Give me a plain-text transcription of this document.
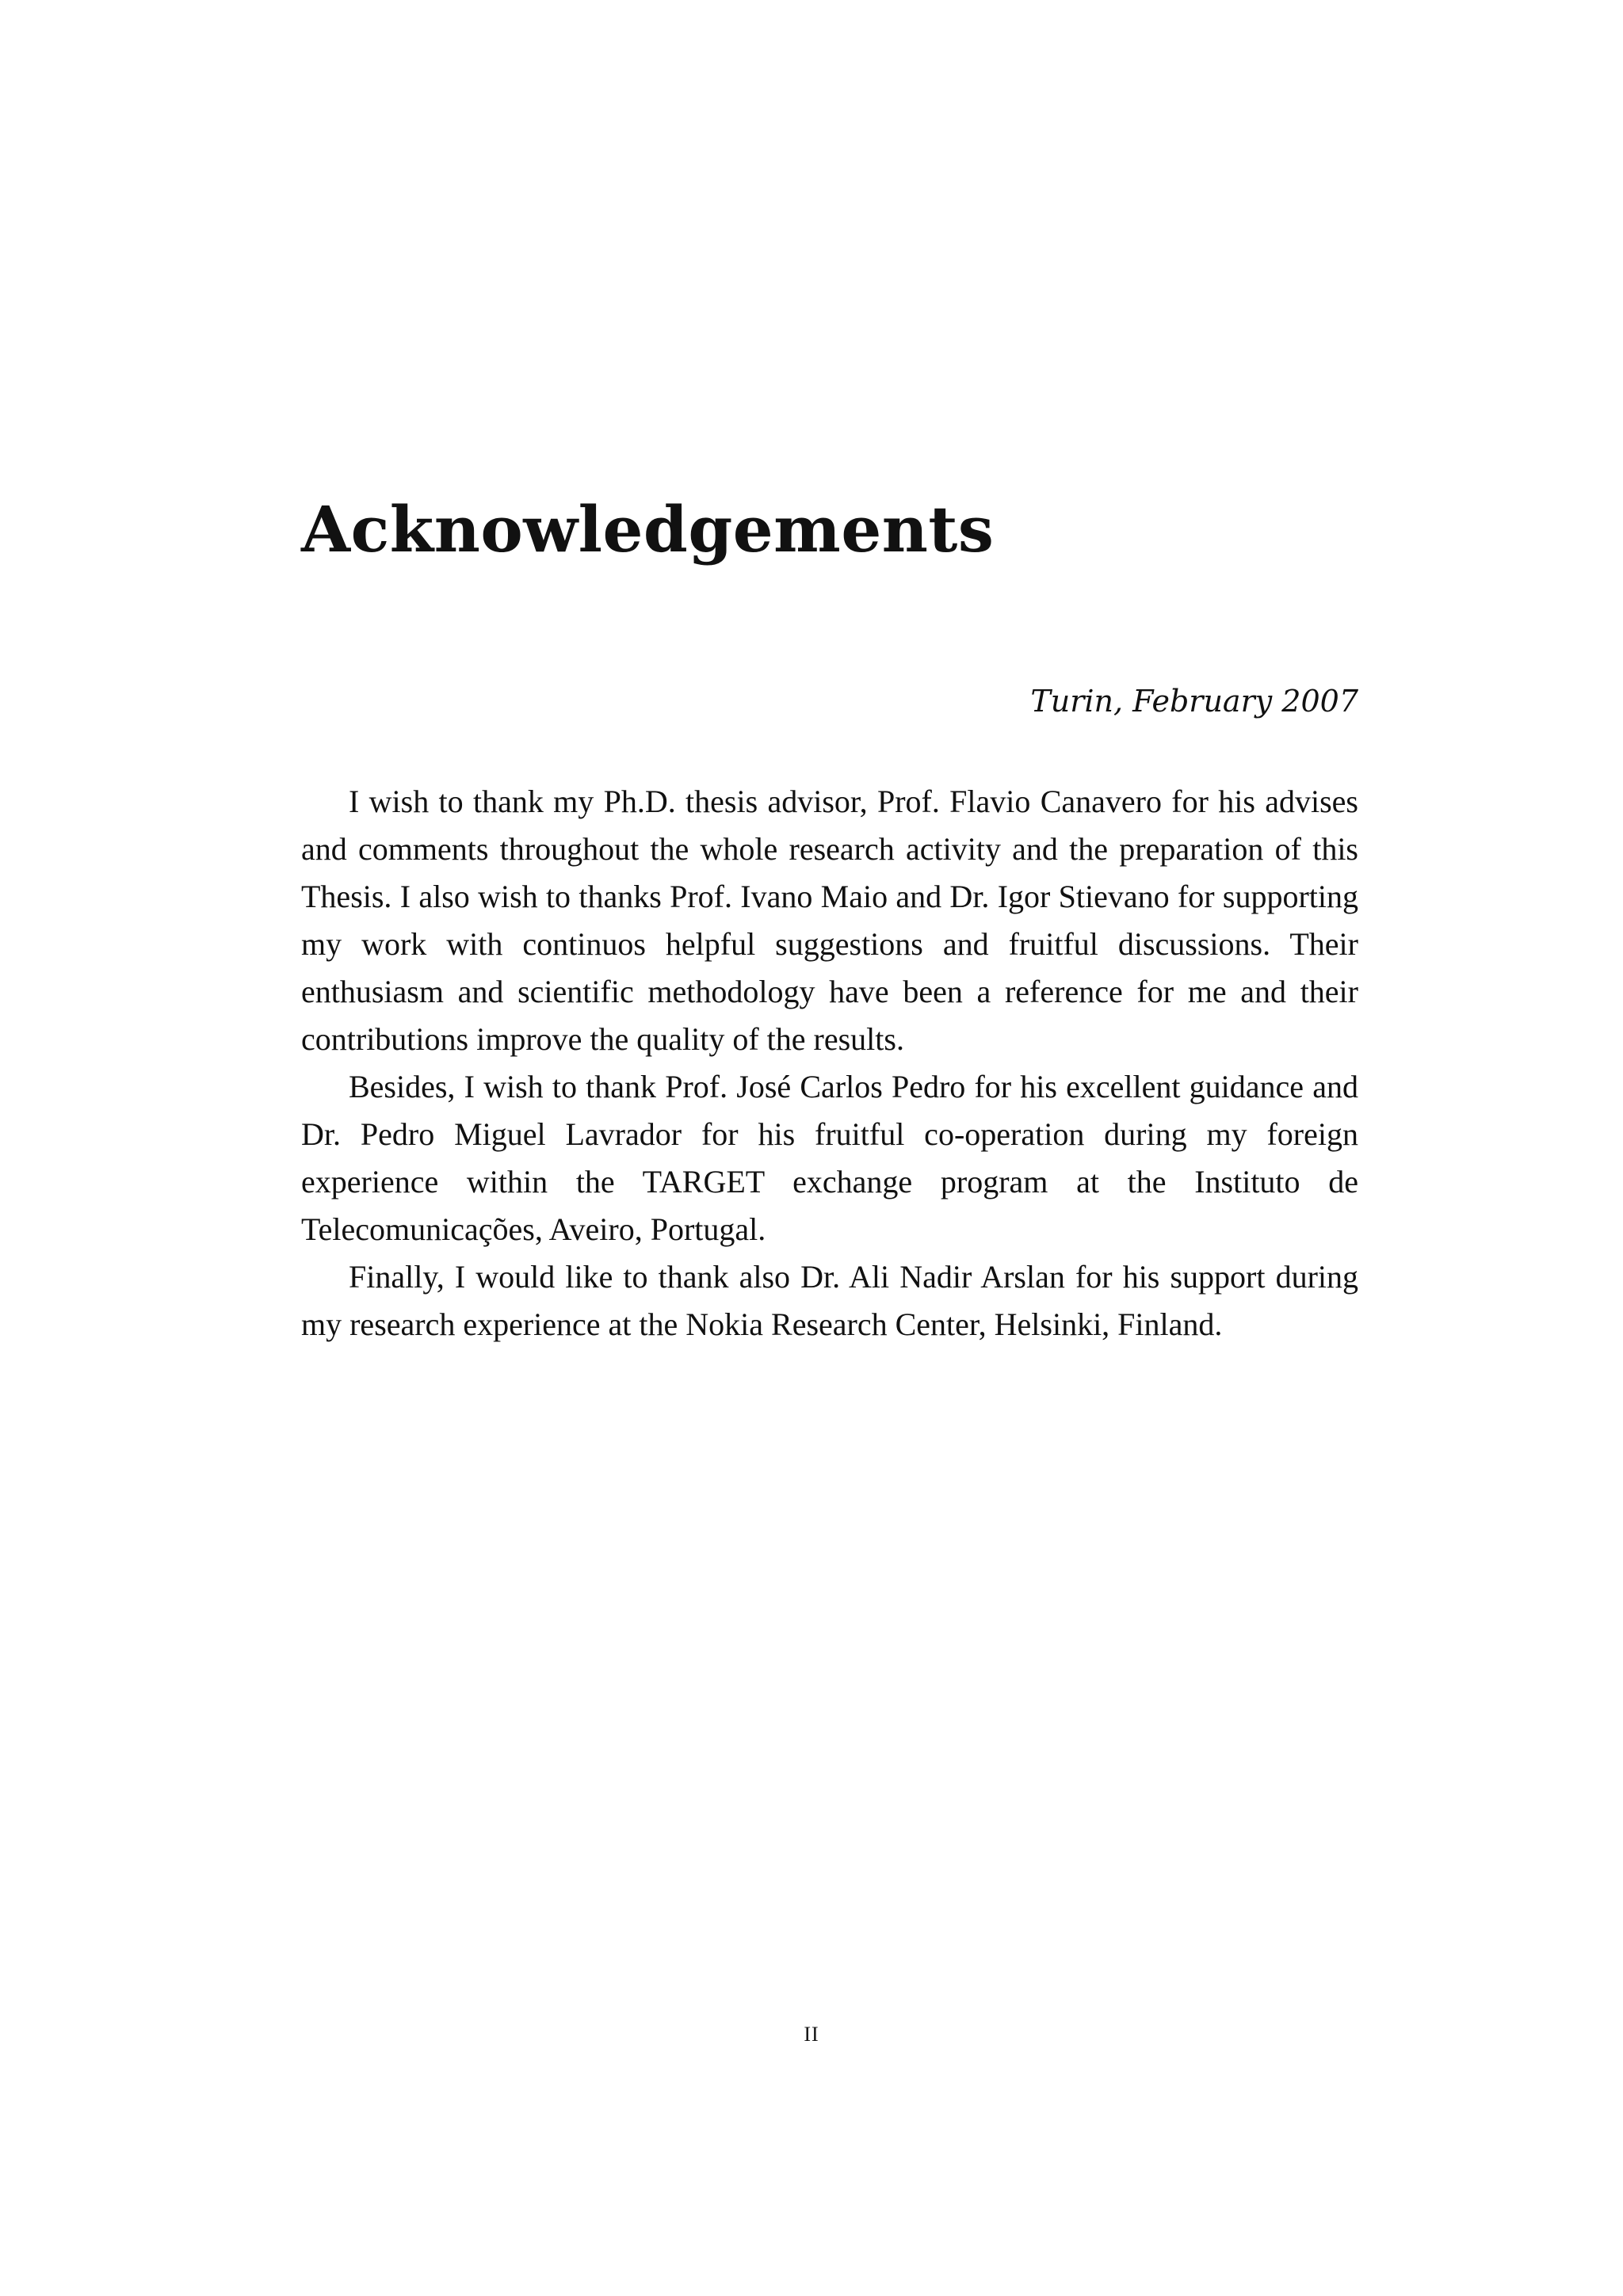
Acknowledgements
Turin, February 2007

I wish to thank my Ph.D. thesis advisor, Prof. Flavio Canavero for his advises and comments throughout the whole research activity and the preparation of this Thesis. I also wish to thanks Prof. Ivano Maio and Dr. Igor Stievano for supporting my work with continuos helpful suggestions and fruitful discussions. Their enthusiasm and scientific methodology have been a reference for me and their contributions improve the quality of the results.

Besides, I wish to thank Prof. José Carlos Pedro for his excellent guidance and Dr. Pedro Miguel Lavrador for his fruitful co-operation during my foreign experience within the TARGET exchange program at the Instituto de Telecomunicações, Aveiro, Portugal.

Finally, I would like to thank also Dr. Ali Nadir Arslan for his support during my research experience at the Nokia Research Center, Helsinki, Finland.

II
